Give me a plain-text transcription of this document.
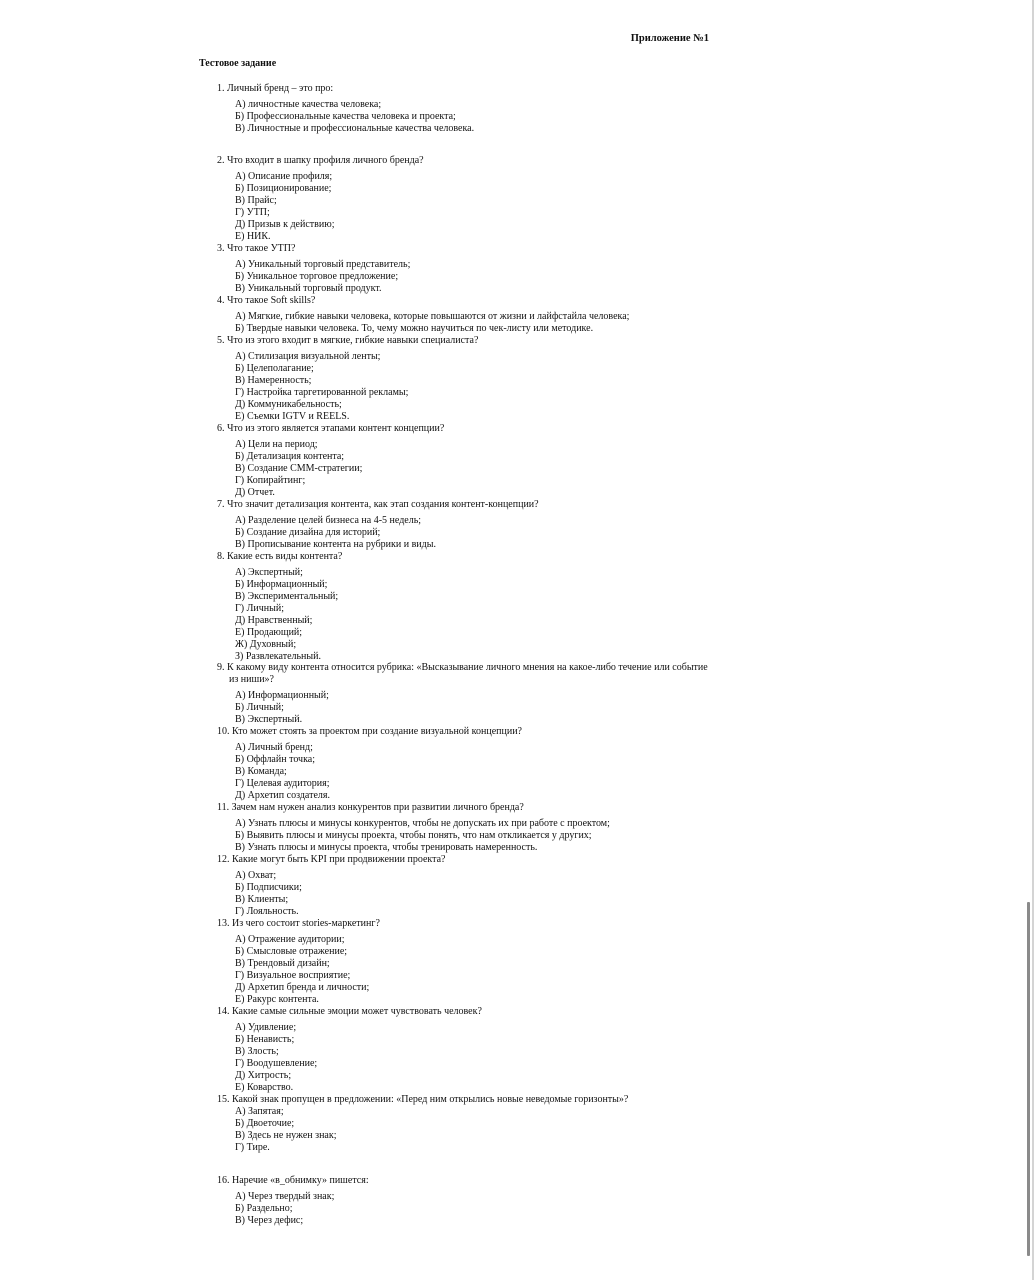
Приложение №1
Тестовое задание
1. Личный бренд – это про:
А) личностные качества человека;
Б) Профессиональные качества человека и проекта;
В) Личностные и профессиональные качества человека.
2. Что входит в шапку профиля личного бренда?
А) Описание профиля;
Б) Позиционирование;
В) Прайс;
Г) УТП;
Д) Призыв к действию;
Е) НИК.
3. Что такое УТП?
А) Уникальный торговый представитель;
Б) Уникальное торговое предложение;
В) Уникальный торговый продукт.
4. Что такое Soft skills?
А) Мягкие, гибкие навыки человека, которые повышаются от жизни и лайфстайла человека;
Б) Твердые навыки человека. То, чему можно научиться по чек-листу или методике.
5. Что из этого входит в мягкие, гибкие навыки специалиста?
А) Стилизация визуальной ленты;
Б) Целеполагание;
В) Намеренность;
Г) Настройка таргетированной рекламы;
Д) Коммуникабельность;
Е) Съемки IGTV и REELS.
6. Что из этого является этапами контент концепции?
А) Цели на период;
Б) Детализация контента;
В) Создание СММ-стратегии;
Г) Копирайтинг;
Д) Отчет.
7. Что значит детализация контента, как этап создания контент-концепции?
А) Разделение целей бизнеса на 4-5 недель;
Б) Создание дизайна для историй;
В) Прописывание контента на рубрики и виды.
8. Какие есть виды контента?
А) Экспертный;
Б) Информационный;
В) Экспериментальный;
Г) Личный;
Д) Нравственный;
Е) Продающий;
Ж) Духовный;
З) Развлекательный.
9. К какому виду контента относится рубрика: «Высказывание личного мнения на какое-либо течение или событие
из ниши»?
А) Информационный;
Б) Личный;
В) Экспертный.
10. Кто может стоять за проектом при создание визуальной концепции?
А) Личный бренд;
Б) Оффлайн точка;
В) Команда;
Г) Целевая аудитория;
Д) Архетип создателя.
11. Зачем нам нужен анализ конкурентов при развитии личного бренда?
А) Узнать плюсы и минусы конкурентов, чтобы не допускать их при работе с проектом;
Б) Выявить плюсы и минусы проекта, чтобы понять, что нам откликается у других;
В) Узнать плюсы и минусы проекта, чтобы тренировать намеренность.
12. Какие могут быть KPI при продвижении проекта?
А) Охват;
Б) Подписчики;
В) Клиенты;
Г) Лояльность.
13. Из чего состоит stories-маркетинг?
А) Отражение аудитории;
Б) Смысловые отражение;
В) Трендовый дизайн;
Г) Визуальное восприятие;
Д) Архетип бренда и личности;
Е) Ракурс контента.
14. Какие самые сильные эмоции может чувствовать человек?
А) Удивление;
Б) Ненависть;
В) Злость;
Г) Воодушевление;
Д) Хитрость;
Е) Коварство.
15. Какой знак пропущен в предложении: «Перед ним открылись новые неведомые горизонты»?
А) Запятая;
Б) Двоеточие;
В) Здесь не нужен знак;
Г) Тире.
16. Наречие «в_обнимку» пишется:
А) Через твердый знак;
Б) Раздельно;
В) Через дефис;
